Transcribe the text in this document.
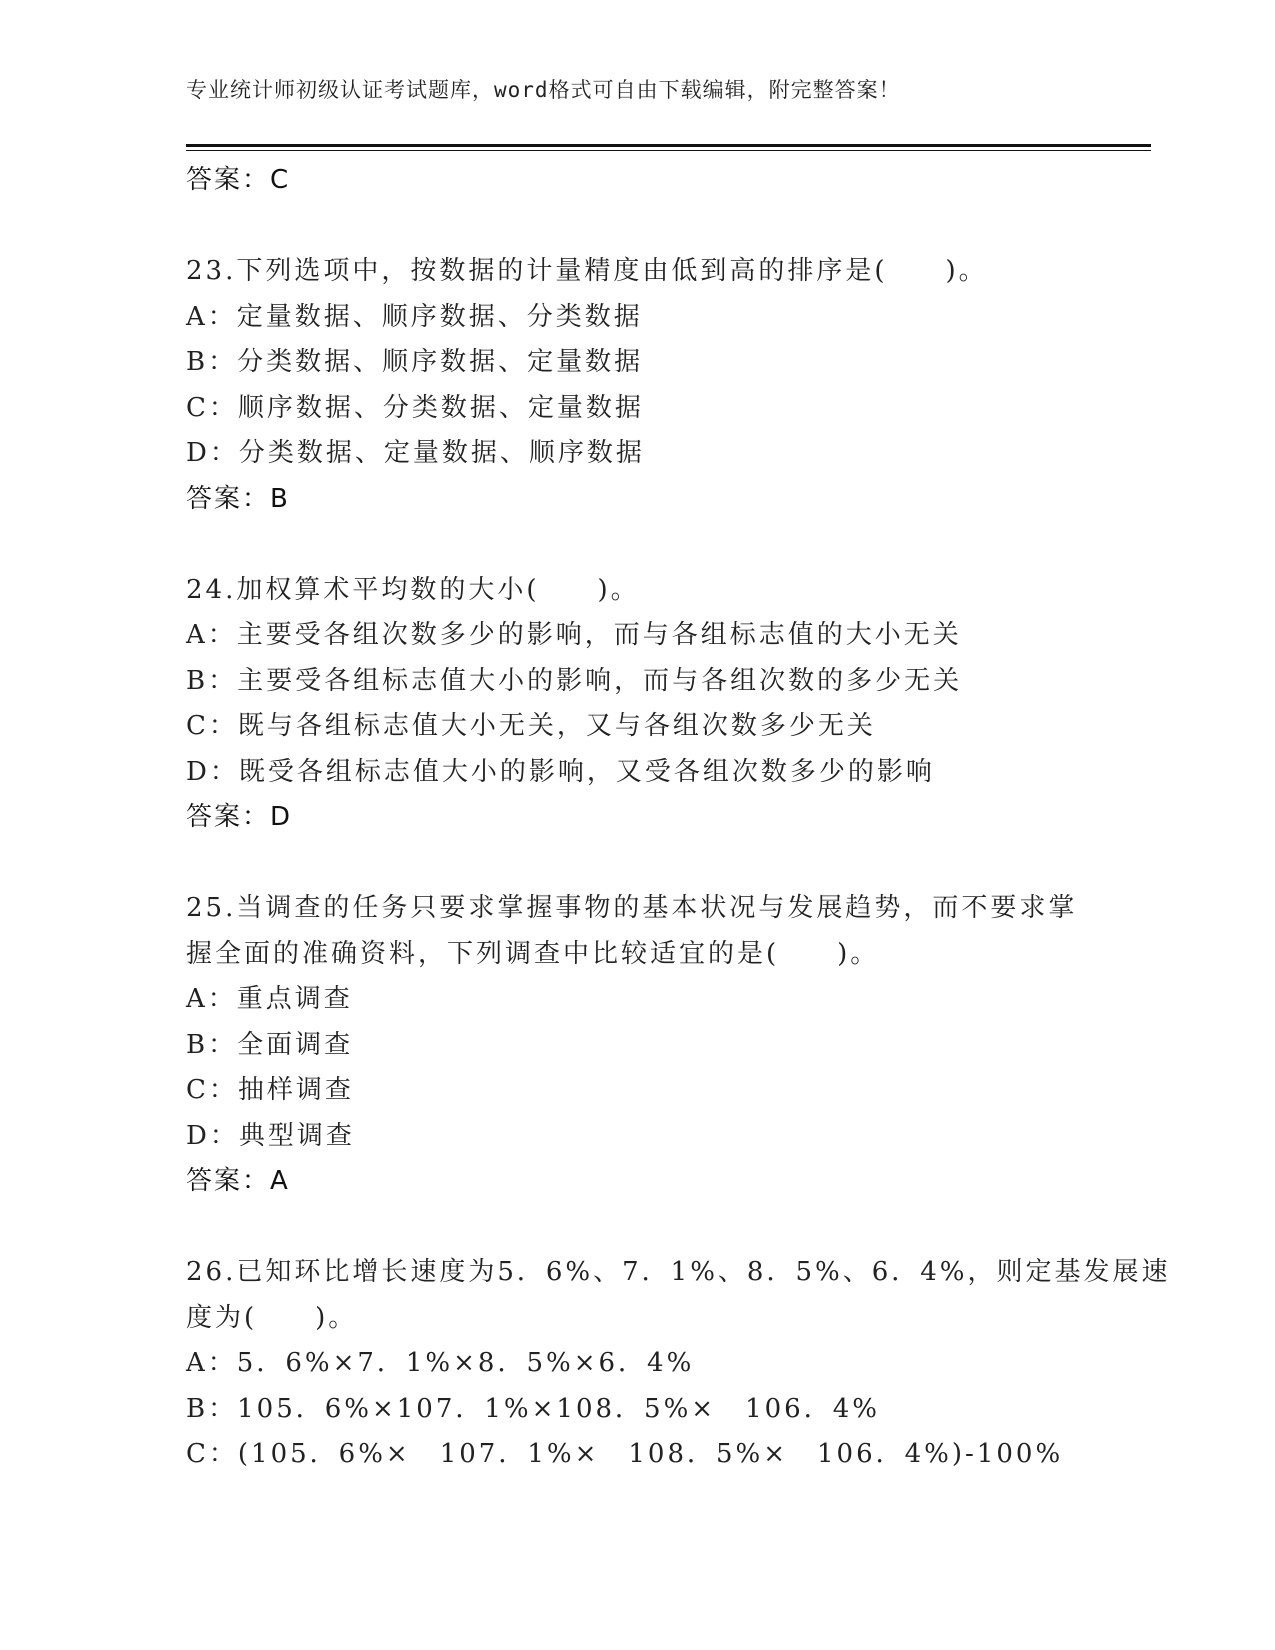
专业统计师初级认证考试题库，word格式可自由下载编辑，附完整答案！
答案：C
23.下列选项中，按数据的计量精度由低到高的排序是(　　)。
A：定量数据、顺序数据、分类数据
B：分类数据、顺序数据、定量数据
C：顺序数据、分类数据、定量数据
D：分类数据、定量数据、顺序数据
答案：B
24.加权算术平均数的大小(　　)。
A：主要受各组次数多少的影响，而与各组标志值的大小无关
B：主要受各组标志值大小的影响，而与各组次数的多少无关
C：既与各组标志值大小无关，又与各组次数多少无关
D：既受各组标志值大小的影响，又受各组次数多少的影响
答案：D
25.当调查的任务只要求掌握事物的基本状况与发展趋势，而不要求掌
握全面的准确资料，下列调查中比较适宜的是(　　)。
A：重点调查
B：全面调查
C：抽样调查
D：典型调查
答案：A
26.已知环比增长速度为5．6%、7．1%、8．5%、6．4%，则定基发展速
度为(　　)。
A：5．6%×7．1%×8．5%×6．4%
B：105．6%×107．1%×108．5%×　106．4%
C：(105．6%×　107．1%×　108．5%×　106．4%)-100%
